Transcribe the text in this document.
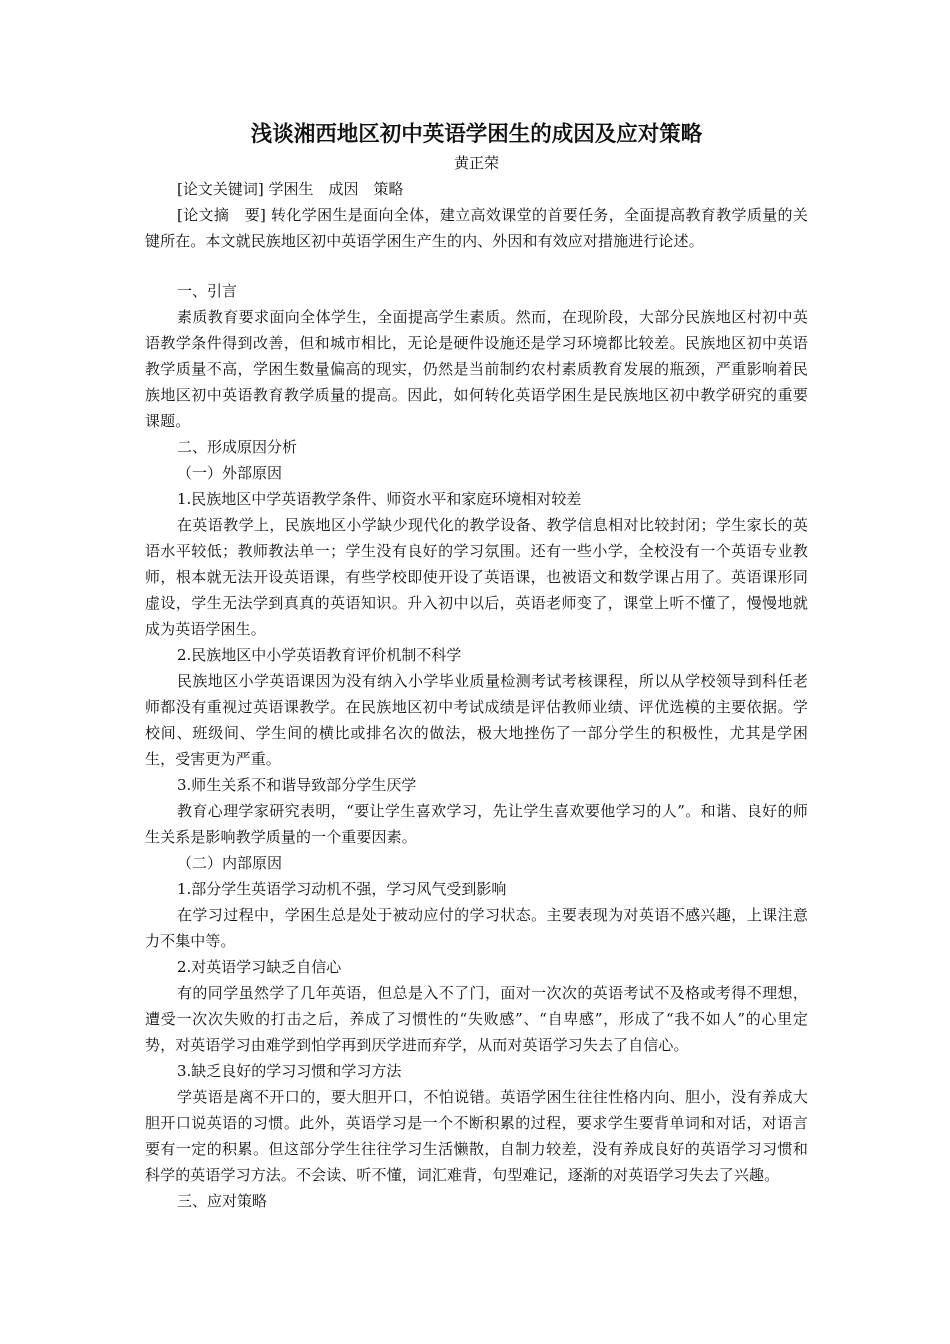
浅谈湘西地区初中英语学困生的成因及应对策略

黄正荣

[论文关键词] 学困生　成因　策略

[论文摘　要] 转化学困生是面向全体，建立高效课堂的首要任务，全面提高教育教学质量的关键所在。本文就民族地区初中英语学困生产生的内、外因和有效应对措施进行论述。

一、引言

素质教育要求面向全体学生，全面提高学生素质。然而，在现阶段，大部分民族地区村初中英语教学条件得到改善，但和城市相比，无论是硬件设施还是学习环境都比较差。民族地区初中英语教学质量不高，学困生数量偏高的现实，仍然是当前制约农村素质教育发展的瓶颈，严重影响着民族地区初中英语教育教学质量的提高。因此，如何转化英语学困生是民族地区初中教学研究的重要课题。

二、形成原因分析

（一）外部原因

1.民族地区中学英语教学条件、师资水平和家庭环境相对较差

在英语教学上，民族地区小学缺少现代化的教学设备、教学信息相对比较封闭；学生家长的英语水平较低；教师教法单一；学生没有良好的学习氛围。还有一些小学，全校没有一个英语专业教师，根本就无法开设英语课，有些学校即使开设了英语课，也被语文和数学课占用了。英语课形同虚设，学生无法学到真真的英语知识。升入初中以后，英语老师变了，课堂上听不懂了，慢慢地就成为英语学困生。

2.民族地区中小学英语教育评价机制不科学

民族地区小学英语课因为没有纳入小学毕业质量检测考试考核课程，所以从学校领导到科任老师都没有重视过英语课教学。在民族地区初中考试成绩是评估教师业绩、评优选模的主要依据。学校间、班级间、学生间的横比或排名次的做法，极大地挫伤了一部分学生的积极性，尤其是学困生，受害更为严重。

3.师生关系不和谐导致部分学生厌学

教育心理学家研究表明，“要让学生喜欢学习，先让学生喜欢要他学习的人”。和谐、良好的师生关系是影响教学质量的一个重要因素。

（二）内部原因

1.部分学生英语学习动机不强，学习风气受到影响

在学习过程中，学困生总是处于被动应付的学习状态。主要表现为对英语不感兴趣，上课注意力不集中等。

2.对英语学习缺乏自信心

有的同学虽然学了几年英语，但总是入不了门，面对一次次的英语考试不及格或考得不理想，遭受一次次失败的打击之后，养成了习惯性的“失败感”、“自卑感”，形成了“我不如人”的心里定势，对英语学习由难学到怕学再到厌学进而弃学，从而对英语学习失去了自信心。

3.缺乏良好的学习习惯和学习方法

学英语是离不开口的，要大胆开口，不怕说错。英语学困生往往性格内向、胆小，没有养成大胆开口说英语的习惯。此外，英语学习是一个不断积累的过程，要求学生要背单词和对话，对语言要有一定的积累。但这部分学生往往学习生活懒散，自制力较差，没有养成良好的英语学习习惯和科学的英语学习方法。不会读、听不懂，词汇难背，句型难记，逐渐的对英语学习失去了兴趣。

三、应对策略
